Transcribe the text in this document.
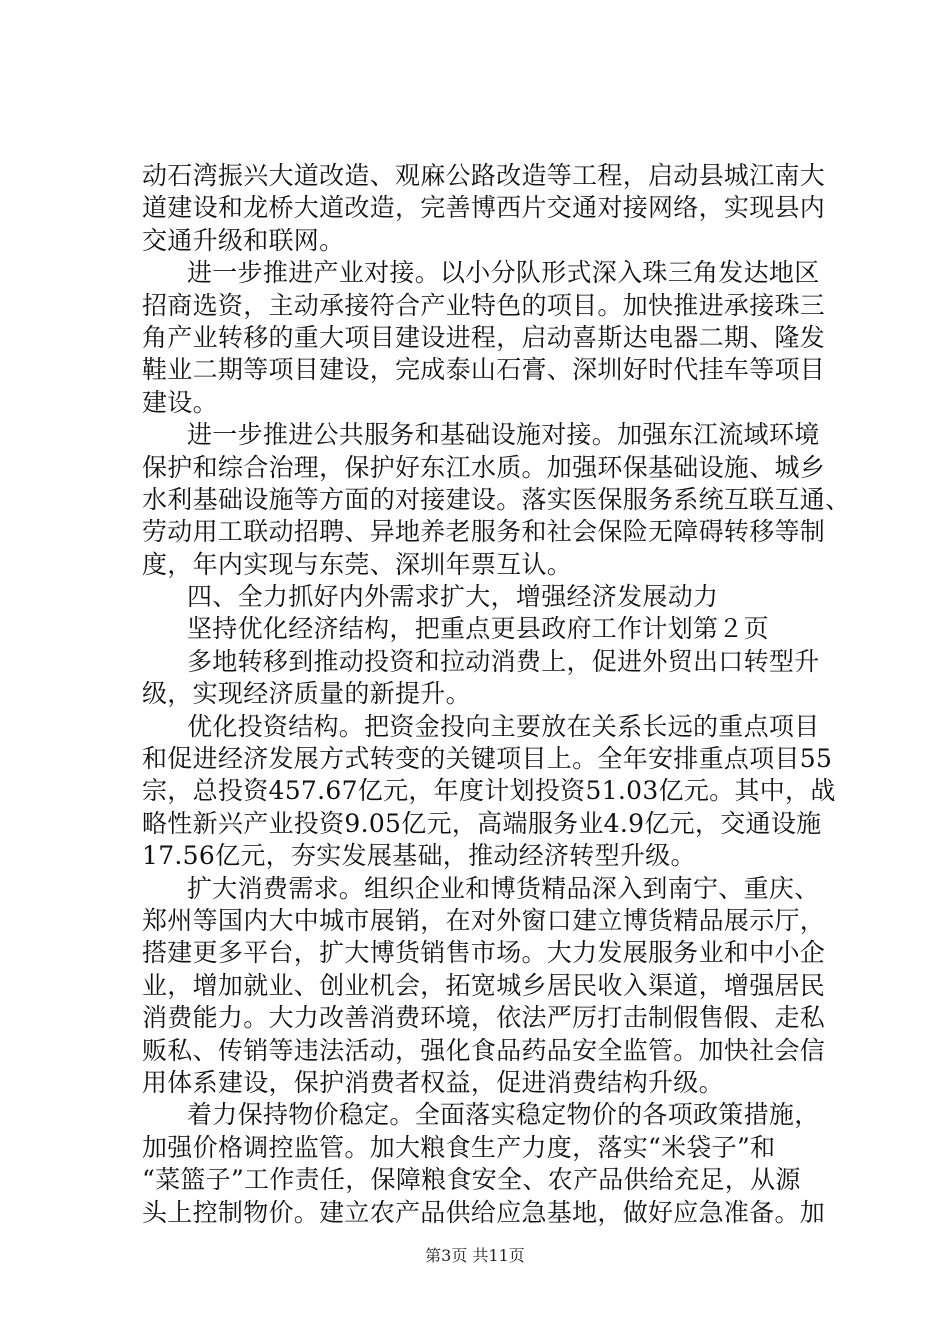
动石湾振兴大道改造、观麻公路改造等工程，启动县城江南大
道建设和龙桥大道改造，完善博西片交通对接网络，实现县内
交通升级和联网。
进一步推进产业对接。以小分队形式深入珠三角发达地区
招商选资，主动承接符合产业特色的项目。加快推进承接珠三
角产业转移的重大项目建设进程，启动喜斯达电器二期、隆发
鞋业二期等项目建设，完成泰山石膏、深圳好时代挂车等项目
建设。
进一步推进公共服务和基础设施对接。加强东江流域环境
保护和综合治理，保护好东江水质。加强环保基础设施、城乡
水利基础设施等方面的对接建设。落实医保服务系统互联互通、
劳动用工联动招聘、异地养老服务和社会保险无障碍转移等制
度，年内实现与东莞、深圳年票互认。
四、全力抓好内外需求扩大，增强经济发展动力
坚持优化经济结构，把重点更县政府工作计划第２页
多地转移到推动投资和拉动消费上，促进外贸出口转型升
级，实现经济质量的新提升。
优化投资结构。把资金投向主要放在关系长远的重点项目
和促进经济发展方式转变的关键项目上。全年安排重点项目55
宗，总投资457.67亿元，年度计划投资51.03亿元。其中，战
略性新兴产业投资9.05亿元，高端服务业4.9亿元，交通设施
17.56亿元，夯实发展基础，推动经济转型升级。
扩大消费需求。组织企业和博货精品深入到南宁、重庆、
郑州等国内大中城市展销，在对外窗口建立博货精品展示厅，
搭建更多平台，扩大博货销售市场。大力发展服务业和中小企
业，增加就业、创业机会，拓宽城乡居民收入渠道，增强居民
消费能力。大力改善消费环境，依法严厉打击制假售假、走私
贩私、传销等违法活动，强化食品药品安全监管。加快社会信
用体系建设，保护消费者权益，促进消费结构升级。
着力保持物价稳定。全面落实稳定物价的各项政策措施，
加强价格调控监管。加大粮食生产力度，落实“米袋子”和
“菜篮子”工作责任，保障粮食安全、农产品供给充足，从源
头上控制物价。建立农产品供给应急基地，做好应急准备。加
第3页 共11页
